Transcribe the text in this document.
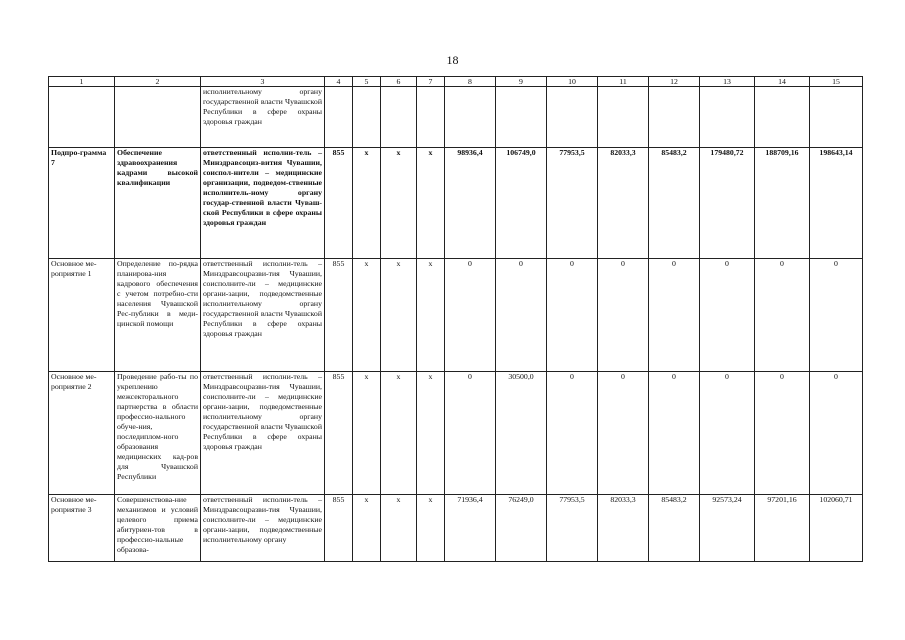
18
1	2	3	4	5	6	7	8	9	10	11	12	13	14	15
		исполнительному органу государственной власти Чувашской Республики в сфере охраны здоровья граждан												
Подпро-грамма 7	Обеспечение здравоохранения кадрами высокой квалификации	ответственный исполни-тель – Минздравсоциз-вития Чувашии, соиспол-нители – медицинские организации, подведом-ственные исполнитель-ному органу государ-ственной власти Чуваш-ской Республики в сфере охраны здоровья граждан	855	x	x	x	98936,4	106749,0	77953,5	82033,3	85483,2	179480,72	188709,16	198643,14
Основное ме-роприятие 1	Определение по-рядка планирова-ния кадрового обеспечения с учетом потребно-сти населения Чувашской Рес-публики в меди-цинской помощи	ответственный исполни-тель – Минздравсоцразви-тия Чувашии, соисполните-ли – медицинские органи-зации, подведомственные исполнительному органу государственной власти Чувашской Республики в сфере охраны здоровья граждан	855	x	x	x	0	0	0	0	0	0	0	0
Основное ме-роприятие 2	Проведение рабо-ты по укреплению межсекторального партнерства в области профессио-нального обуче-ния, последиплом-ного образования медицинских кад-ров для Чувашской Республики	ответственный исполни-тель – Минздравсоцразви-тия Чувашии, соисполните-ли – медицинские органи-зации, подведомственные исполнительному органу государственной власти Чувашской Республики в сфере охраны здоровья граждан	855	x	x	x	0	30500,0	0	0	0	0	0	0
Основное ме-роприятие 3	Совершенствова-ние механизмов и условий целевого приема абитуриен-тов в профессио-нальные образова-	ответственный исполни-тель – Минздравсоцразви-тия Чувашии, соисполните-ли – медицинские органи-зации, подведомственные исполнительному органу	855	x	x	x	71936,4	76249,0	77953,5	82033,3	85483,2	92573,24	97201,16	102060,71
